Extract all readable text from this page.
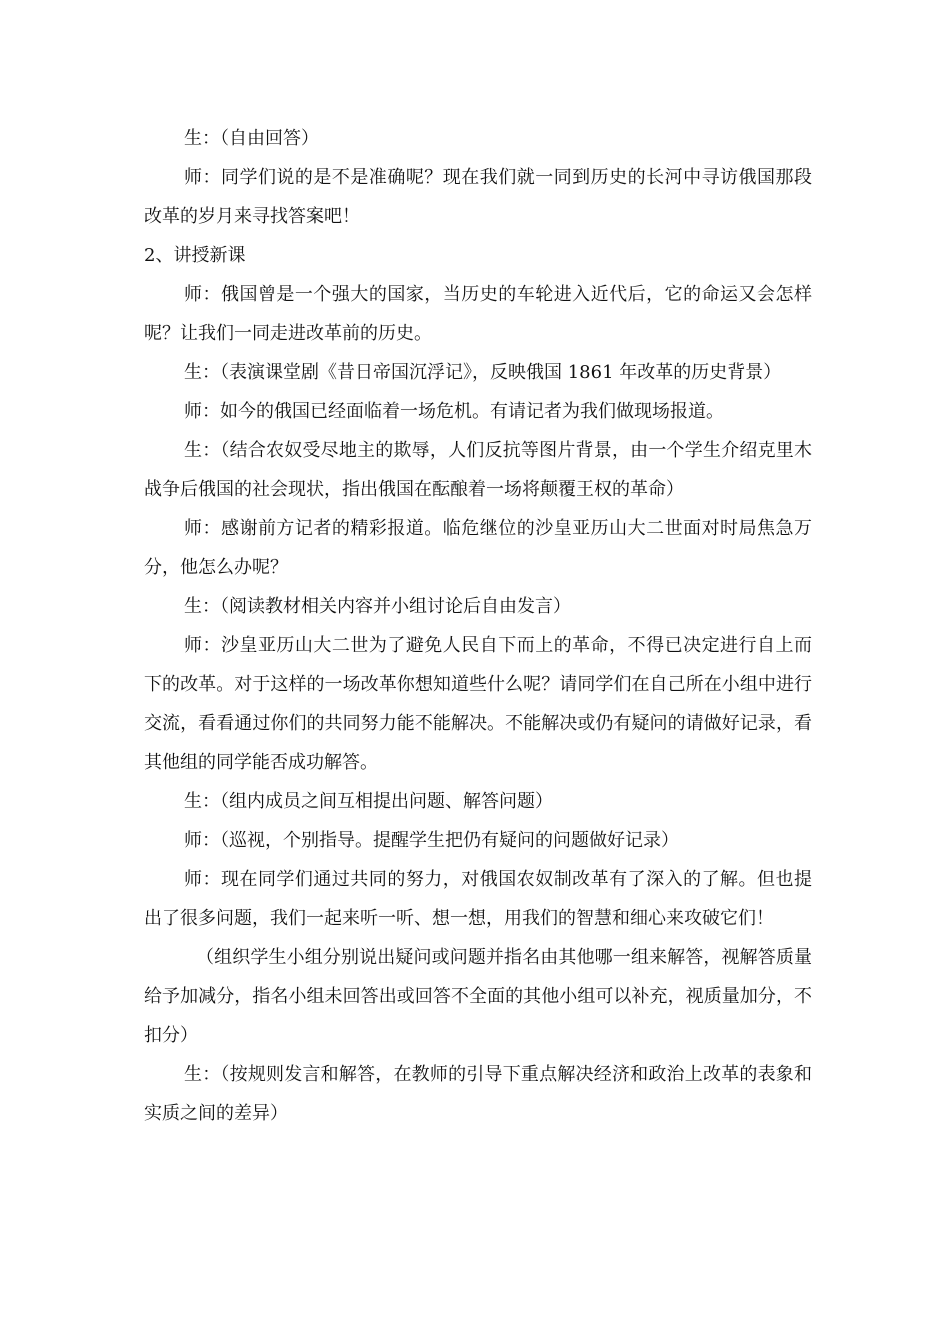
生：（自由回答）

师：同学们说的是不是准确呢？现在我们就一同到历史的长河中寻访俄国那段改革的岁月来寻找答案吧！

2、讲授新课

师：俄国曾是一个强大的国家，当历史的车轮进入近代后，它的命运又会怎样呢？让我们一同走进改革前的历史。

生：（表演课堂剧《昔日帝国沉浮记》，反映俄国 1861 年改革的历史背景）

师：如今的俄国已经面临着一场危机。有请记者为我们做现场报道。

生：（结合农奴受尽地主的欺辱，人们反抗等图片背景，由一个学生介绍克里木战争后俄国的社会现状，指出俄国在酝酿着一场将颠覆王权的革命）

师：感谢前方记者的精彩报道。临危继位的沙皇亚历山大二世面对时局焦急万分，他怎么办呢？

生：（阅读教材相关内容并小组讨论后自由发言）

师：沙皇亚历山大二世为了避免人民自下而上的革命，不得已决定进行自上而下的改革。对于这样的一场改革你想知道些什么呢？请同学们在自己所在小组中进行交流，看看通过你们的共同努力能不能解决。不能解决或仍有疑问的请做好记录，看其他组的同学能否成功解答。

生：（组内成员之间互相提出问题、解答问题）

师：（巡视，个别指导。提醒学生把仍有疑问的问题做好记录）

师：现在同学们通过共同的努力，对俄国农奴制改革有了深入的了解。但也提出了很多问题，我们一起来听一听、想一想，用我们的智慧和细心来攻破它们！

（组织学生小组分别说出疑问或问题并指名由其他哪一组来解答，视解答质量给予加减分，指名小组未回答出或回答不全面的其他小组可以补充，视质量加分，不扣分）

生：（按规则发言和解答，在教师的引导下重点解决经济和政治上改革的表象和实质之间的差异）
